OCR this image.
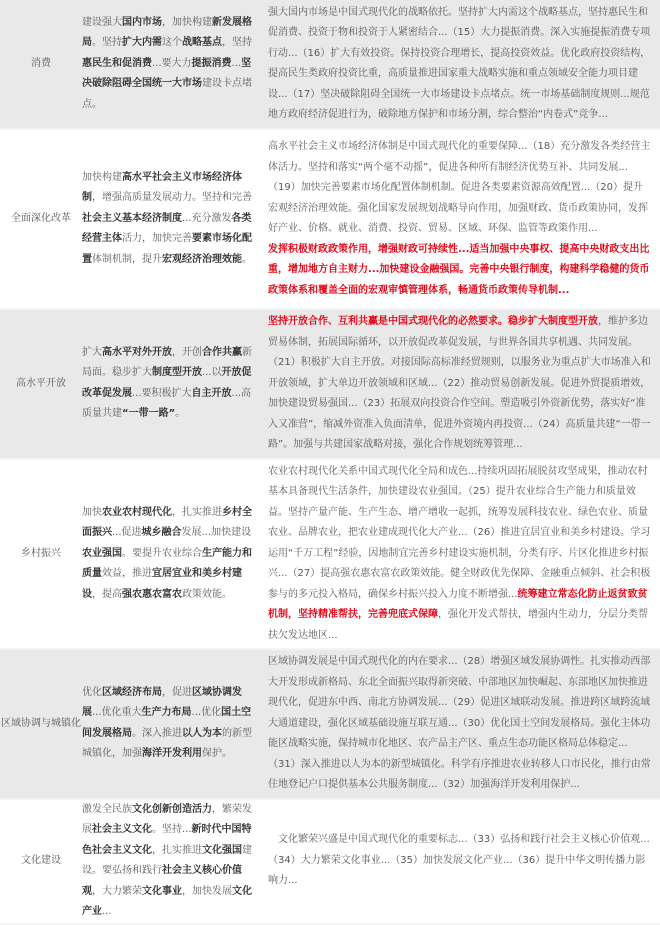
消费	建设强大国内市场，加快构建新发展格局。坚持扩大内需这个战略基点，坚持惠民生和促消费...要大力提振消费...坚决破除阻碍全国统一大市场建设卡点堵点。	强大国内市场是中国式现代化的战略依托。坚持扩大内需这个战略基点，坚持惠民生和促消费、投资于物和投资于人紧密结合...（15）大力提振消费。深入实施提振消费专项行动...（16）扩大有效投资。保持投资合理增长，提高投资效益。优化政府投资结构，提高民生类政府投资比重，高质量推进国家重大战略实施和重点领域安全能力项目建设...（17）坚决破除阻碍全国统一大市场建设卡点堵点。统一市场基础制度规则...规范地方政府经济促进行为，破除地方保护和市场分割，综合整治“内卷式”竞争...
全面深化改革	加快构建高水平社会主义市场经济体制，增强高质量发展动力。坚持和完善社会主义基本经济制度...充分激发各类经营主体活力，加快完善要素市场化配置体制机制，提升宏观经济治理效能。	高水平社会主义市场经济体制是中国式现代化的重要保障...（18）充分激发各类经营主体活力。坚持和落实“两个毫不动摇”，促进各种所有制经济优势互补、共同发展...（19）加快完善要素市场化配置体制机制。促进各类要素资源高效配置...（20）提升宏观经济治理效能。强化国家发展规划战略导向作用，加强财政、货币政策协同，发挥好产业、价格、就业、消费、投资、贸易、区域、环保、监管等政策作用...
发挥积极财政政策作用，增强财政可持续性...适当加强中央事权、提高中央财政支出比重，增加地方自主财力...加快建设金融强国。完善中央银行制度，构建科学稳健的货币政策体系和覆盖全面的宏观审慎管理体系，畅通货币政策传导机制...
高水平开放	扩大高水平对外开放，开创合作共赢新局面。稳步扩大制度型开放...以开放促改革促发展...要积极扩大自主开放...高质量共建“一带一路”。	坚持开放合作、互利共赢是中国式现代化的必然要求。稳步扩大制度型开放，维护多边贸易体制，拓展国际循环，以开放促改革促发展，与世界各国共享机遇、共同发展。
（21）积极扩大自主开放。对接国际高标准经贸规则，以服务业为重点扩大市场准入和开放领域，扩大单边开放领域和区域...（22）推动贸易创新发展。促进外贸提质增效，加快建设贸易强国...（23）拓展双向投资合作空间。塑造吸引外资新优势，落实好“准入又准营”，缩减外资准入负面清单，促进外资境内再投资...（24）高质量共建“一带一路”。加强与共建国家战略对接，强化合作规划统筹管理...
乡村振兴	加快农业农村现代化，扎实推进乡村全面振兴...促进城乡融合发展...加快建设农业强国。要提升农业综合生产能力和质量效益，推进宜居宜业和美乡村建设，提高强农惠农富农政策效能。	农业农村现代化关系中国式现代化全局和成色...持续巩固拓展脱贫攻坚成果，推动农村基本具备现代生活条件，加快建设农业强国。（25）提升农业综合生产能力和质量效益。坚持产量产能、生产生态、增产增收一起抓，统筹发展科技农业、绿色农业、质量农业、品牌农业，把农业建成现代化大产业...（26）推进宜居宜业和美乡村建设。学习运用“千万工程”经验，因地制宜完善乡村建设实施机制，分类有序、片区化推进乡村振兴...（27）提高强农惠农富农政策效能。健全财政优先保障、金融重点倾斜、社会积极参与的多元投入格局，确保乡村振兴投入力度不断增强...统筹建立常态化防止返贫致贫机制，坚持精准帮扶，完善兜底式保障，强化开发式帮扶，增强内生动力，分层分类帮扶欠发达地区...
区域协调与城镇化	优化区域经济布局，促进区域协调发展...优化重大生产力布局...优化国土空间发展格局。深入推进以人为本的新型城镇化，加强海洋开发利用保护。	区域协调发展是中国式现代化的内在要求...（28）增强区域发展协调性。扎实推动西部大开发形成新格局、东北全面振兴取得新突破、中部地区加快崛起、东部地区加快推进现代化，促进东中西、南北方协调发展...（29）促进区域联动发展。推进跨区域跨流域大通道建设，强化区域基础设施互联互通...（30）优化国土空间发展格局。强化主体功能区战略实施，保持城市化地区、农产品主产区、重点生态功能区格局总体稳定...（31）深入推进以人为本的新型城镇化。科学有序推进农业转移人口市民化，推行由常住地登记户口提供基本公共服务制度...（32）加强海洋开发利用保护...
文化建设	激发全民族文化创新创造活力，繁荣发展社会主义文化。坚持...新时代中国特色社会主义文化，扎实推进文化强国建设。要弘扬和践行社会主义核心价值观，大力繁荣文化事业，加快发展文化产业...	　文化繁荣兴盛是中国式现代化的重要标志...（33）弘扬和践行社会主义核心价值观...（34）大力繁荣文化事业...（35）加快发展文化产业...（36）提升中华文明传播力影响力...
